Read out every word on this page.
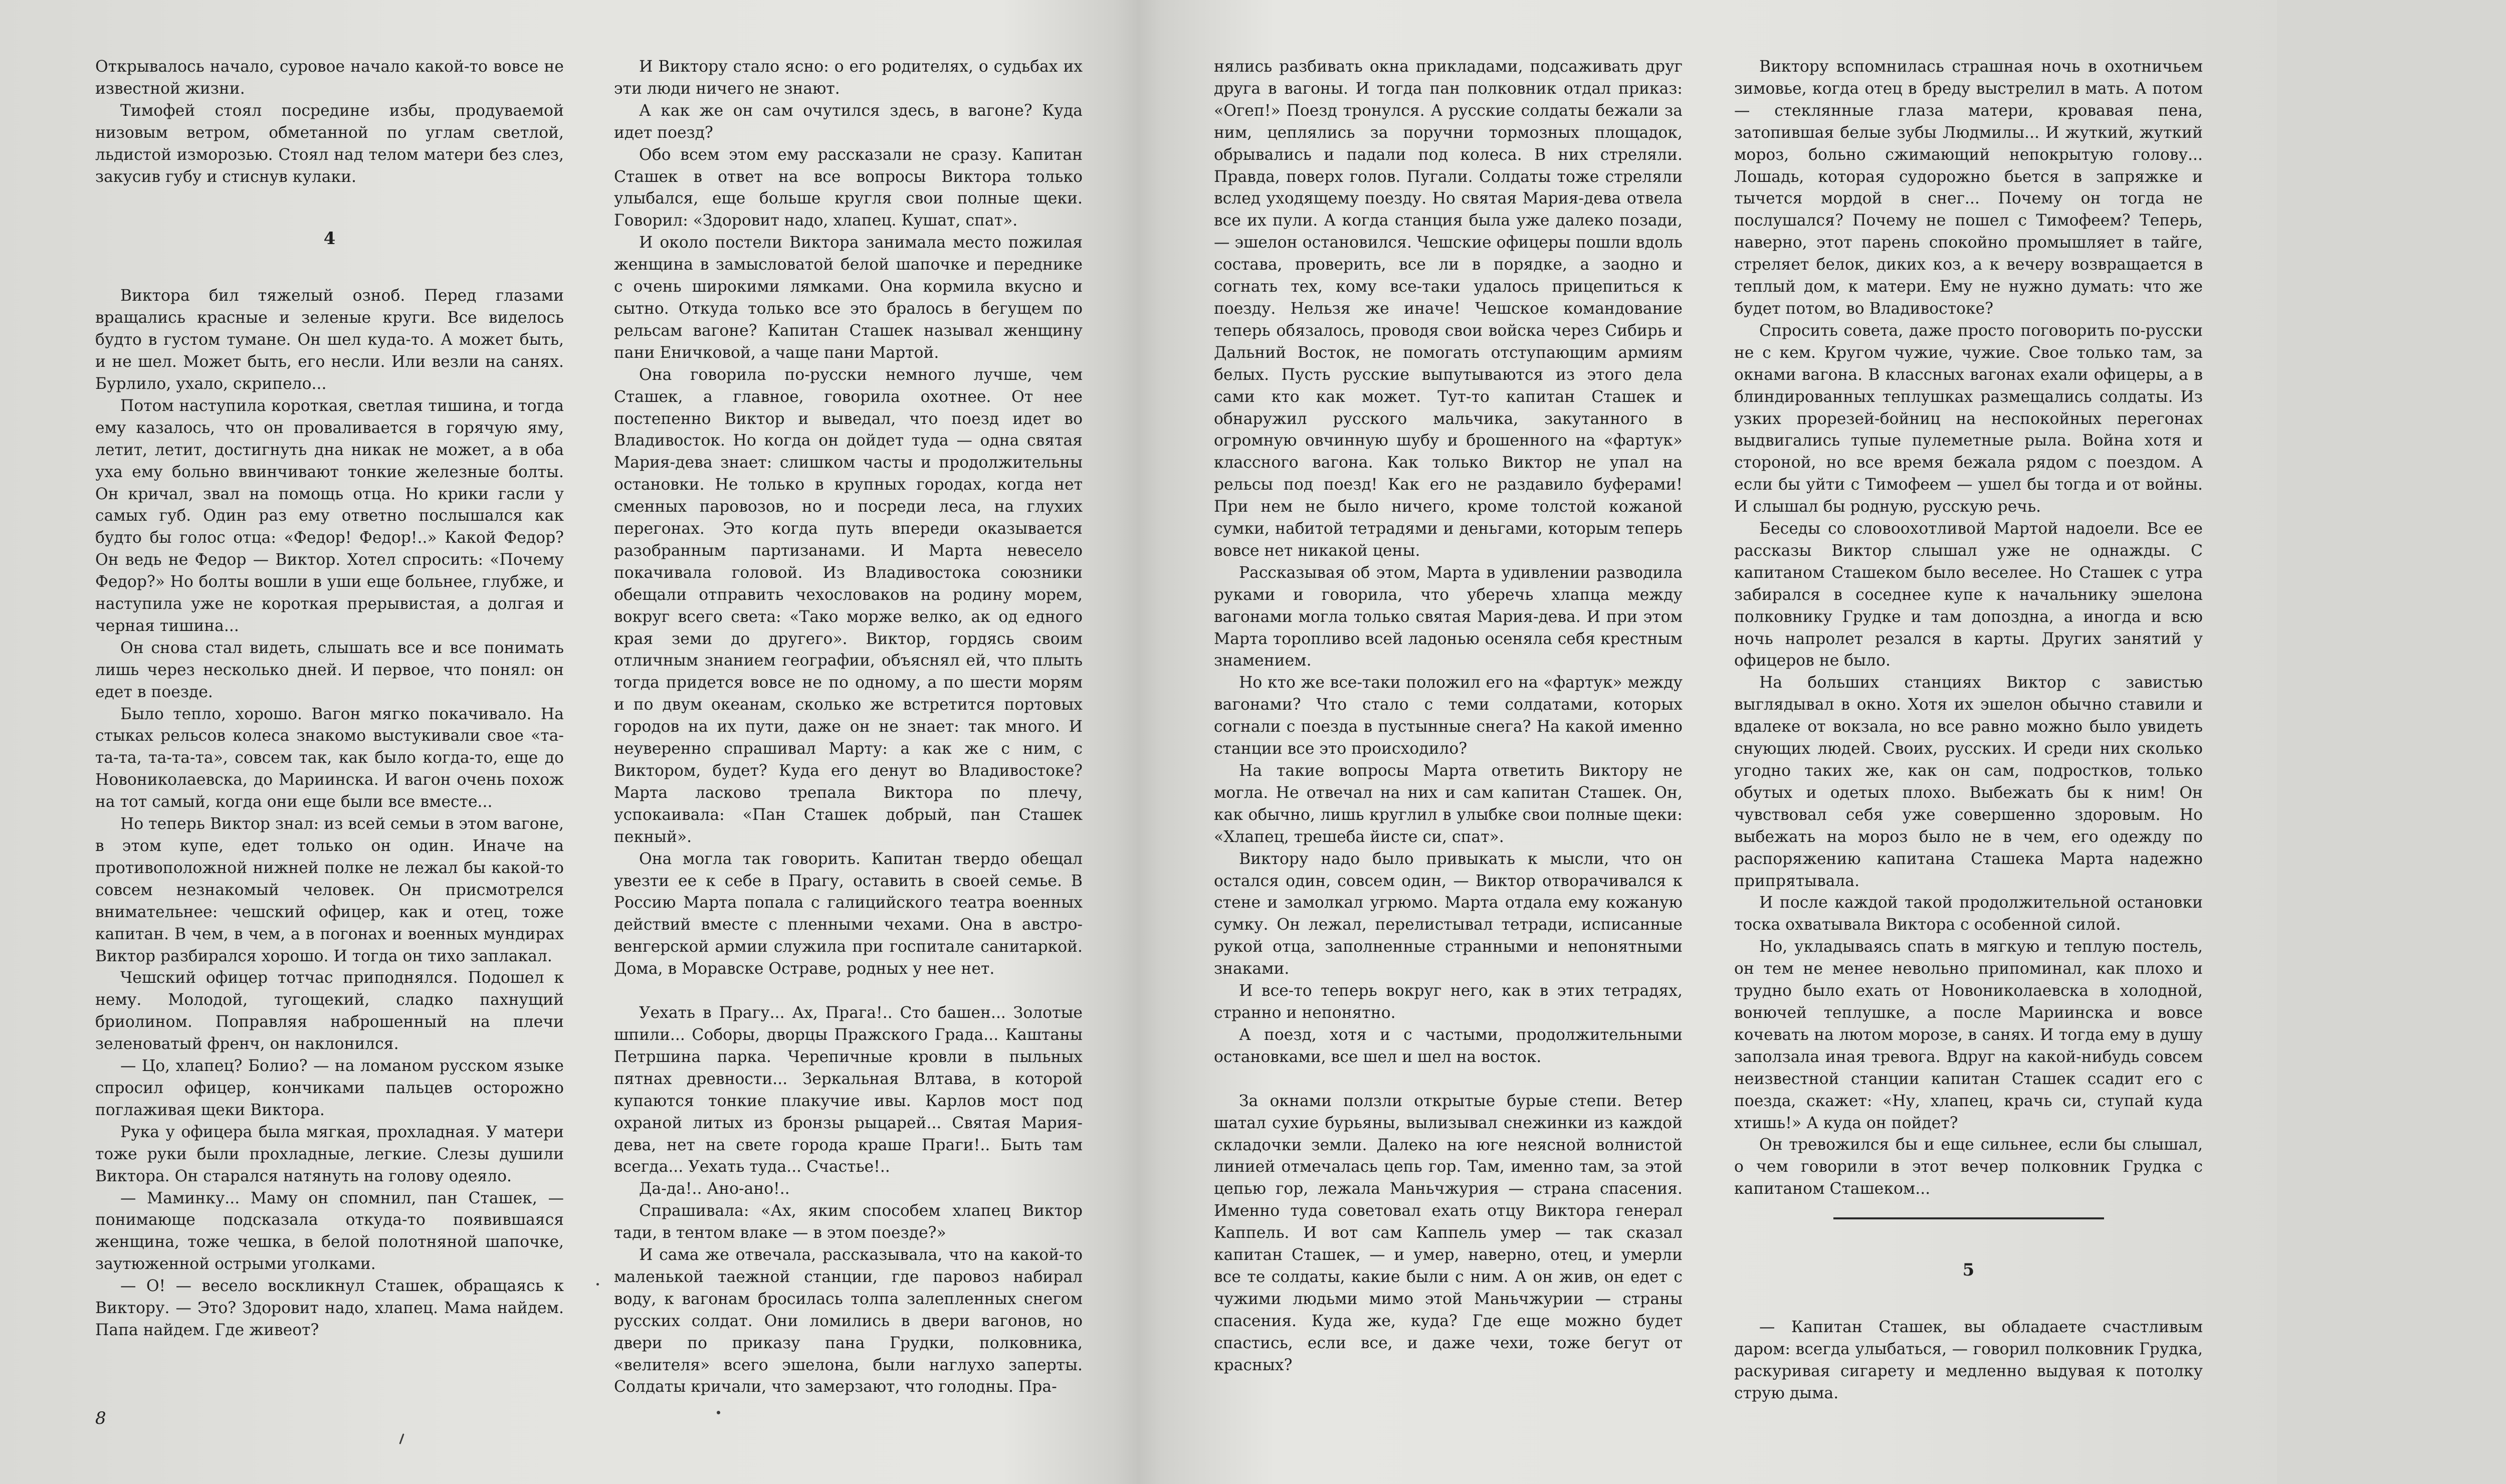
Открывалось начало, суровое начало какой-то вовсе не известной жизни.

Тимофей стоял посредине избы, продуваемой низовым ветром, обметанной по углам светлой, льдистой изморозью. Стоял над телом матери без слез, закусив губу и стиснув кулаки.

4

Виктора бил тяжелый озноб. Перед глазами вращались красные и зеленые круги. Все виделось будто в густом тумане. Он шел куда-то. А может быть, и не шел. Может быть, его несли. Или везли на санях. Бурлило, ухало, скрипело...

Потом наступила короткая, светлая тишина, и тогда ему казалось, что он проваливается в горячую яму, летит, летит, достигнуть дна никак не может, а в оба уха ему больно ввинчивают тонкие железные болты. Он кричал, звал на помощь отца. Но крики гасли у самых губ. Один раз ему ответно послышался как будто бы голос отца: «Федор! Федор!..» Какой Федор? Он ведь не Федор — Виктор. Хотел спросить: «Почему Федор?» Но болты вошли в уши еще больнее, глубже, и наступила уже не короткая прерывистая, а долгая и черная тишина...

Он снова стал видеть, слышать все и все понимать лишь через несколько дней. И первое, что понял: он едет в поезде.

Было тепло, хорошо. Вагон мягко покачивало. На стыках рельсов колеса знакомо выстукивали свое «та-та-та, та-та-та», совсем так, как было когда-то, еще до Новониколаевска, до Мариинска. И вагон очень похож на тот самый, когда они еще были все вместе...

Но теперь Виктор знал: из всей семьи в этом вагоне, в этом купе, едет только он один. Иначе на противоположной нижней полке не лежал бы какой-то совсем незнакомый человек. Он присмотрелся внимательнее: чешский офицер, как и отец, тоже капитан. В чем, в чем, а в погонах и военных мундирах Виктор разбирался хорошо. И тогда он тихо заплакал.

Чешский офицер тотчас приподнялся. Подошел к нему. Молодой, тугощекий, сладко пахнущий бриолином. Поправляя наброшенный на плечи зеленоватый френч, он наклонился.

— Цо, хлапец? Болио? — на ломаном русском языке спросил офицер, кончиками пальцев осторожно поглаживая щеки Виктора.

Рука у офицера была мягкая, прохладная. У матери тоже руки были прохладные, легкие. Слезы душили Виктора. Он старался натянуть на голову одеяло.

— Маминку... Маму он спомнил, пан Сташек, — понимающе подсказала откуда-то появившаяся женщина, тоже чешка, в белой полотняной шапочке, заутюженной острыми уголками.

— О! — весело воскликнул Сташек, обращаясь к Виктору. — Это? Здоровит надо, хлапец. Мама найдем. Папа найдем. Где живеот?

И Виктору стало ясно: о его родителях, о судьбах их эти люди ничего не знают.

А как же он сам очутился здесь, в вагоне? Куда идет поезд?

Обо всем этом ему рассказали не сразу. Капитан Сташек в ответ на все вопросы Виктора только улыбался, еще больше кругля свои полные щеки. Говорил: «Здоровит надо, хлапец. Кушат, спат».

И около постели Виктора занимала место пожилая женщина в замысловатой белой шапочке и переднике с очень широкими лямками. Она кормила вкусно и сытно. Откуда только все это бралось в бегущем по рельсам вагоне? Капитан Сташек называл женщину пани Еничковой, а чаще пани Мартой.

Она говорила по-русски немного лучше, чем Сташек, а главное, говорила охотнее. От нее постепенно Виктор и выведал, что поезд идет во Владивосток. Но когда он дойдет туда — одна святая Мария-дева знает: слишком часты и продолжительны остановки. Не только в крупных городах, когда нет сменных паровозов, но и посреди леса, на глухих перегонах. Это когда путь впереди оказывается разобранным партизанами. И Марта невесело покачивала головой. Из Владивостока союзники обещали отправить чехословаков на родину морем, вокруг всего света: «Тако морже велко, ак од едного края земи до другего». Виктор, гордясь своим отличным знанием географии, объяснял ей, что плыть тогда придется вовсе не по одному, а по шести морям и по двум океанам, сколько же встретится портовых городов на их пути, даже он не знает: так много. И неуверенно спрашивал Марту: а как же с ним, с Виктором, будет? Куда его денут во Владивостоке? Марта ласково трепала Виктора по плечу, успокаивала: «Пан Сташек добрый, пан Сташек пекный».

Она могла так говорить. Капитан твердо обещал увезти ее к себе в Прагу, оставить в своей семье. В Россию Марта попала с галицийского театра военных действий вместе с пленными чехами. Она в австро-венгерской армии служила при госпитале санитаркой. Дома, в Моравске Остраве, родных у нее нет.

Уехать в Прагу... Ах, Прага!.. Сто башен... Золотые шпили... Соборы, дворцы Пражского Града... Каштаны Петршина парка. Черепичные кровли в пыльных пятнах древности... Зеркальная Влтава, в которой купаются тонкие плакучие ивы. Карлов мост под охраной литых из бронзы рыцарей... Святая Мария-дева, нет на свете города краше Праги!.. Быть там всегда... Уехать туда... Счастье!..

Да-да!.. Ано-ано!..

Спрашивала: «Ах, яким способем хлапец Виктор тади, в тентом влаке — в этом поезде?»

И сама же отвечала, рассказывала, что на какой-то маленькой таежной станции, где паровоз набирал воду, к вагонам бросилась толпа залепленных снегом русских солдат. Они ломились в двери вагонов, но двери по приказу пана Грудки, полковника, «велителя» всего эшелона, были наглухо заперты. Солдаты кричали, что замерзают, что голодны. Пра-

8

нялись разбивать окна прикладами, подсаживать друг друга в вагоны. И тогда пан полковник отдал приказ: «Огеп!» Поезд тронулся. А русские солдаты бежали за ним, цеплялись за поручни тормозных площадок, обрывались и падали под колеса. В них стреляли. Правда, поверх голов. Пугали. Солдаты тоже стреляли вслед уходящему поезду. Но святая Мария-дева отвела все их пули. А когда станция была уже далеко позади, — эшелон остановился. Чешские офицеры пошли вдоль состава, проверить, все ли в порядке, а заодно и согнать тех, кому все-таки удалось прицепиться к поезду. Нельзя же иначе! Чешское командование теперь обязалось, проводя свои войска через Сибирь и Дальний Восток, не помогать отступающим армиям белых. Пусть русские выпутываются из этого дела сами кто как может. Тут-то капитан Сташек и обнаружил русского мальчика, закутанного в огромную овчинную шубу и брошенного на «фартук» классного вагона. Как только Виктор не упал на рельсы под поезд! Как его не раздавило буферами! При нем не было ничего, кроме толстой кожаной сумки, набитой тетрадями и деньгами, которым теперь вовсе нет никакой цены.

Рассказывая об этом, Марта в удивлении разводила руками и говорила, что уберечь хлапца между вагонами могла только святая Мария-дева. И при этом Марта торопливо всей ладонью осеняла себя крестным знамением.

Но кто же все-таки положил его на «фартук» между вагонами? Что стало с теми солдатами, которых согнали с поезда в пустынные снега? На какой именно станции все это происходило?

На такие вопросы Марта ответить Виктору не могла. Не отвечал на них и сам капитан Сташек. Он, как обычно, лишь круглил в улыбке свои полные щеки: «Хлапец, трешеба йисте си, спат».

Виктору надо было привыкать к мысли, что он остался один, совсем один, — Виктор отворачивался к стене и замолкал угрюмо. Марта отдала ему кожаную сумку. Он лежал, перелистывал тетради, исписанные рукой отца, заполненные странными и непонятными знаками.

И все-то теперь вокруг него, как в этих тетрадях, странно и непонятно.

А поезд, хотя и с частыми, продолжительными остановками, все шел и шел на восток.

За окнами ползли открытые бурые степи. Ветер шатал сухие бурьяны, вылизывал снежинки из каждой складочки земли. Далеко на юге неясной волнистой линией отмечалась цепь гор. Там, именно там, за этой цепью гор, лежала Маньчжурия — страна спасения. Именно туда советовал ехать отцу Виктора генерал Каппель. И вот сам Каппель умер — так сказал капитан Сташек, — и умер, наверно, отец, и умерли все те солдаты, какие были с ним. А он жив, он едет с чужими людьми мимо этой Маньчжурии — страны спасения. Куда же, куда? Где еще можно будет спастись, если все, и даже чехи, тоже бегут от красных?

Виктору вспомнилась страшная ночь в охотничьем зимовье, когда отец в бреду выстрелил в мать. А потом — стеклянные глаза матери, кровавая пена, затопившая белые зубы Людмилы... И жуткий, жуткий мороз, больно сжимающий непокрытую голову... Лошадь, которая судорожно бьется в запряжке и тычется мордой в снег... Почему он тогда не послушался? Почему не пошел с Тимофеем? Теперь, наверно, этот парень спокойно промышляет в тайге, стреляет белок, диких коз, а к вечеру возвращается в теплый дом, к матери. Ему не нужно думать: что же будет потом, во Владивостоке?

Спросить совета, даже просто поговорить по-русски не с кем. Кругом чужие, чужие. Свое только там, за окнами вагона. В классных вагонах ехали офицеры, а в блиндированных теплушках размещались солдаты. Из узких прорезей-бойниц на неспокойных перегонах выдвигались тупые пулеметные рыла. Война хотя и стороной, но все время бежала рядом с поездом. А если бы уйти с Тимофеем — ушел бы тогда и от войны. И слышал бы родную, русскую речь.

Беседы со словоохотливой Мартой надоели. Все ее рассказы Виктор слышал уже не однажды. С капитаном Сташеком было веселее. Но Сташек с утра забирался в соседнее купе к начальнику эшелона полковнику Грудке и там допоздна, а иногда и всю ночь напролет резался в карты. Других занятий у офицеров не было.

На больших станциях Виктор с завистью выглядывал в окно. Хотя их эшелон обычно ставили и вдалеке от вокзала, но все равно можно было увидеть снующих людей. Своих, русских. И среди них сколько угодно таких же, как он сам, подростков, только обутых и одетых плохо. Выбежать бы к ним! Он чувствовал себя уже совершенно здоровым. Но выбежать на мороз было не в чем, его одежду по распоряжению капитана Сташека Марта надежно припрятывала.

И после каждой такой продолжительной остановки тоска охватывала Виктора с особенной силой.

Но, укладываясь спать в мягкую и теплую постель, он тем не менее невольно припоминал, как плохо и трудно было ехать от Новониколаевска в холодной, вонючей теплушке, а после Мариинска и вовсе кочевать на лютом морозе, в санях. И тогда ему в душу заползала иная тревога. Вдруг на какой-нибудь совсем неизвестной станции капитан Сташек ссадит его с поезда, скажет: «Ну, хлапец, крачь си, ступай куда хтишь!» А куда он пойдет?

Он тревожился бы и еще сильнее, если бы слышал, о чем говорили в этот вечер полковник Грудка с капитаном Сташеком...

5

— Капитан Сташек, вы обладаете счастливым даром: всегда улыбаться, — говорил полковник Грудка, раскуривая сигарету и медленно выдувая к потолку струю дыма.
